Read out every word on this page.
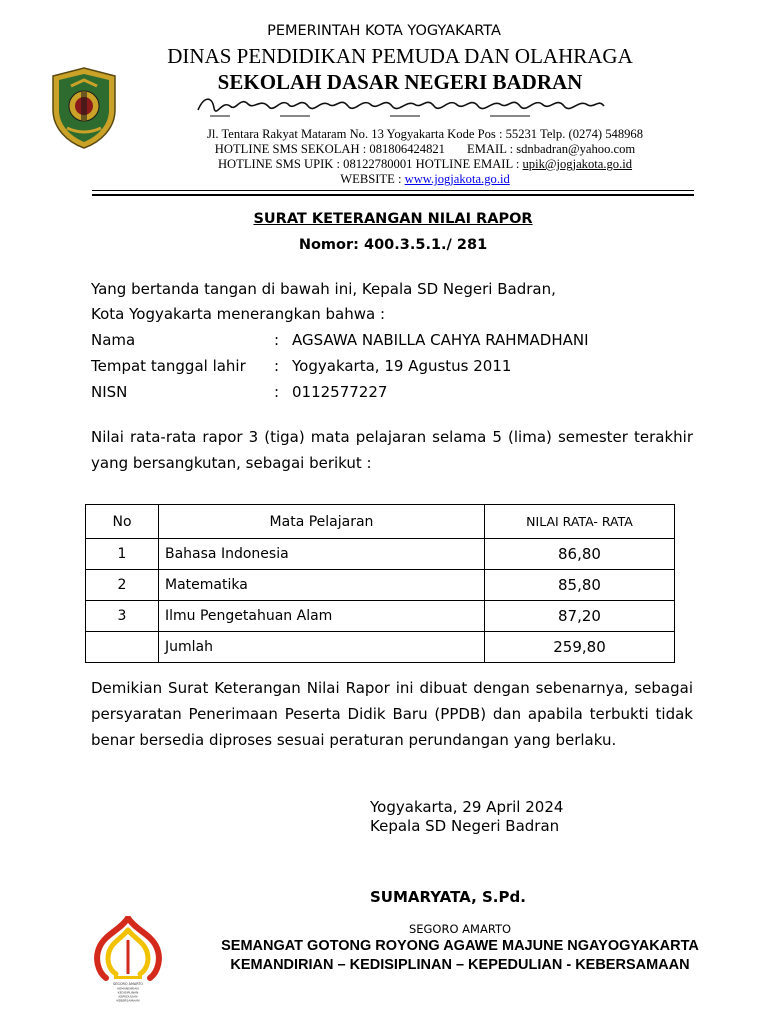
PEMERINTAH KOTA YOGYAKARTA
DINAS PENDIDIKAN PEMUDA DAN OLAHRAGA
SEKOLAH DASAR NEGERI BADRAN
Jl. Tentara Rakyat Mataram No. 13 Yogyakarta Kode Pos : 55231 Telp. (0274) 548968
HOTLINE SMS SEKOLAH : 081806424821 EMAIL : sdnbadran@yahoo.com
HOTLINE SMS UPIK : 08122780001 HOTLINE EMAIL : upik@jogjakota.go.id
WEBSITE : www.jogjakota.go.id
SURAT KETERANGAN NILAI RAPOR
Nomor: 400.3.5.1./ 281
Yang bertanda tangan di bawah ini, Kepala SD Negeri Badran,
Kota Yogyakarta menerangkan bahwa :
Nama	: AGSAWA NABILLA CAHYA RAHMADHANI
Tempat tanggal lahir : Yogyakarta, 19 Agustus 2011
NISN	: 0112577227
Nilai rata-rata rapor 3 (tiga) mata pelajaran selama 5 (lima) semester terakhir yang bersangkutan, sebagai berikut :
No	Mata Pelajaran	NILAI RATA- RATA
1	Bahasa Indonesia	86,80
2	Matematika	85,80
3	Ilmu Pengetahuan Alam	87,20
	Jumlah	259,80
Demikian Surat Keterangan Nilai Rapor ini dibuat dengan sebenarnya, sebagai persyaratan Penerimaan Peserta Didik Baru (PPDB) dan apabila terbukti tidak benar bersedia diproses sesuai peraturan perundangan yang berlaku.
Yogyakarta, 29 April 2024
Kepala SD Negeri Badran
SUMARYATA, S.Pd.
SEGORO AMARTO
KEMANDIRIAN
KEDISIPLINAN
KEPEDULIAN
KEBERSAMAAN
SEGORO AMARTO
SEMANGAT GOTONG ROYONG AGAWE MAJUNE NGAYOGYAKARTA
KEMANDIRIAN – KEDISIPLINAN – KEPEDULIAN - KEBERSAMAAN
